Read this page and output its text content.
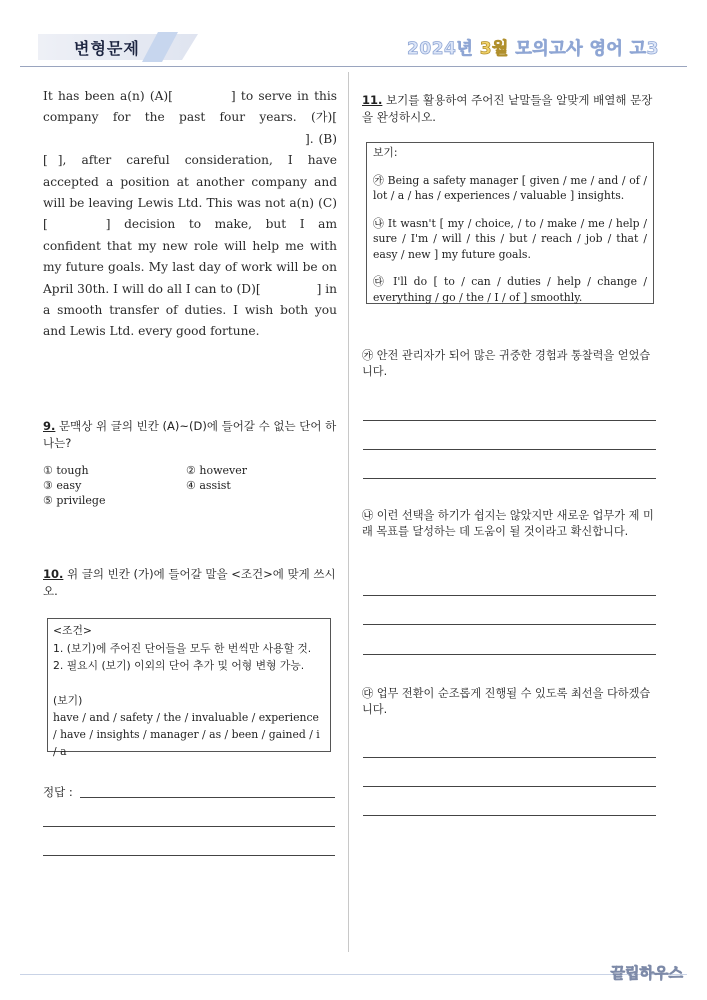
변형문제	2024년 3월 모의고사 영어 고3
It has been a(n) (A)[	] to serve in this company for the past four years. (가)[]. (B)[ ], after careful consideration, I have accepted a position at another company and will be leaving Lewis Ltd. This was not a(n) (C)[	] decision to make, but I am confident that my new role will help me with my future goals. My last day of work will be on April 30th. I will do all I can to (D)[	] in a smooth transfer of duties. I wish both you and Lewis Ltd. every good fortune.
9. 문맥상 위 글의 빈칸 (A)~(D)에 들어갈 수 없는 단어 하나는?
① tough	② however
③ easy	④ assist
⑤ privilege
10. 위 글의 빈칸 (가)에 들어갈 말을 <조건>에 맞게 쓰시오.
<조건>
1. (보기)에 주어진 단어들을 모두 한 번씩만 사용할 것.
2. 필요시 (보기) 이외의 단어 추가 및 어형 변형 가능.
(보기)
have / and / safety / the / invaluable / experience / have / insights / manager / as / been / gained / i / a
정답 :
11. 보기를 활용하여 주어진 낱말들을 알맞게 배열해 문장을 완성하시오.

보기:

㉮ Being a safety manager [ given / me / and / of / lot / a / has / experiences / valuable ] insights.

㉯ It wasn't [ my / choice, / to / make / me / help / sure / I'm / will / this / but / reach / job / that / easy / new ] my future goals.

㉰ I'll do [ to / can / duties / help / change / everything / go / the / I / of ] smoothly.

㉮ 안전 관리자가 되어 많은 귀중한 경험과 통찰력을 얻었습니다.
㉯ 이런 선택을 하기가 쉽지는 않았지만 새로운 업무가 제 미래 목표를 달성하는 데 도움이 될 것이라고 확신합니다.
㉰ 업무 전환이 순조롭게 진행될 수 있도록 최선을 다하겠습니다.
끝립하우스
